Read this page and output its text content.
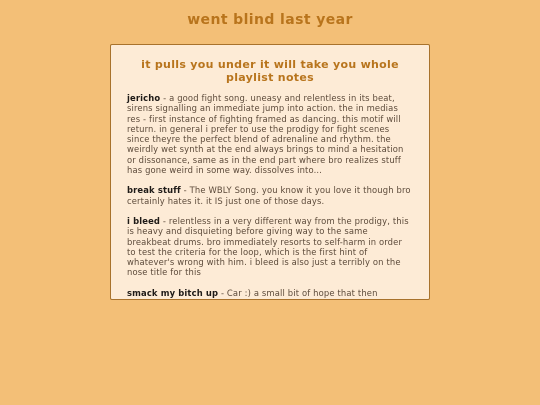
went blind last year
it pulls you under it will take you whole playlist notes

jericho - a good fight song. uneasy and relentless in its beat, sirens signalling an immediate jump into action. the in medias res - first instance of fighting framed as dancing. this motif will return. in general i prefer to use the prodigy for fight scenes since theyre the perfect blend of adrenaline and rhythm. the weirdly wet synth at the end always brings to mind a hesitation or dissonance, same as in the end part where bro realizes stuff has gone weird in some way. dissolves into...

break stuff - The WBLY Song. you know it you love it though bro certainly hates it. it IS just one of those days.

i bleed - relentless in a very different way from the prodigy, this is heavy and disquieting before giving way to the same breakbeat drums. bro immediately resorts to self-harm in order to test the criteria for the loop, which is the first hint of whatever's wrong with him. i bleed is also just a terribly on the nose title for this

smack my bitch up - Car :) a small bit of hope that then
